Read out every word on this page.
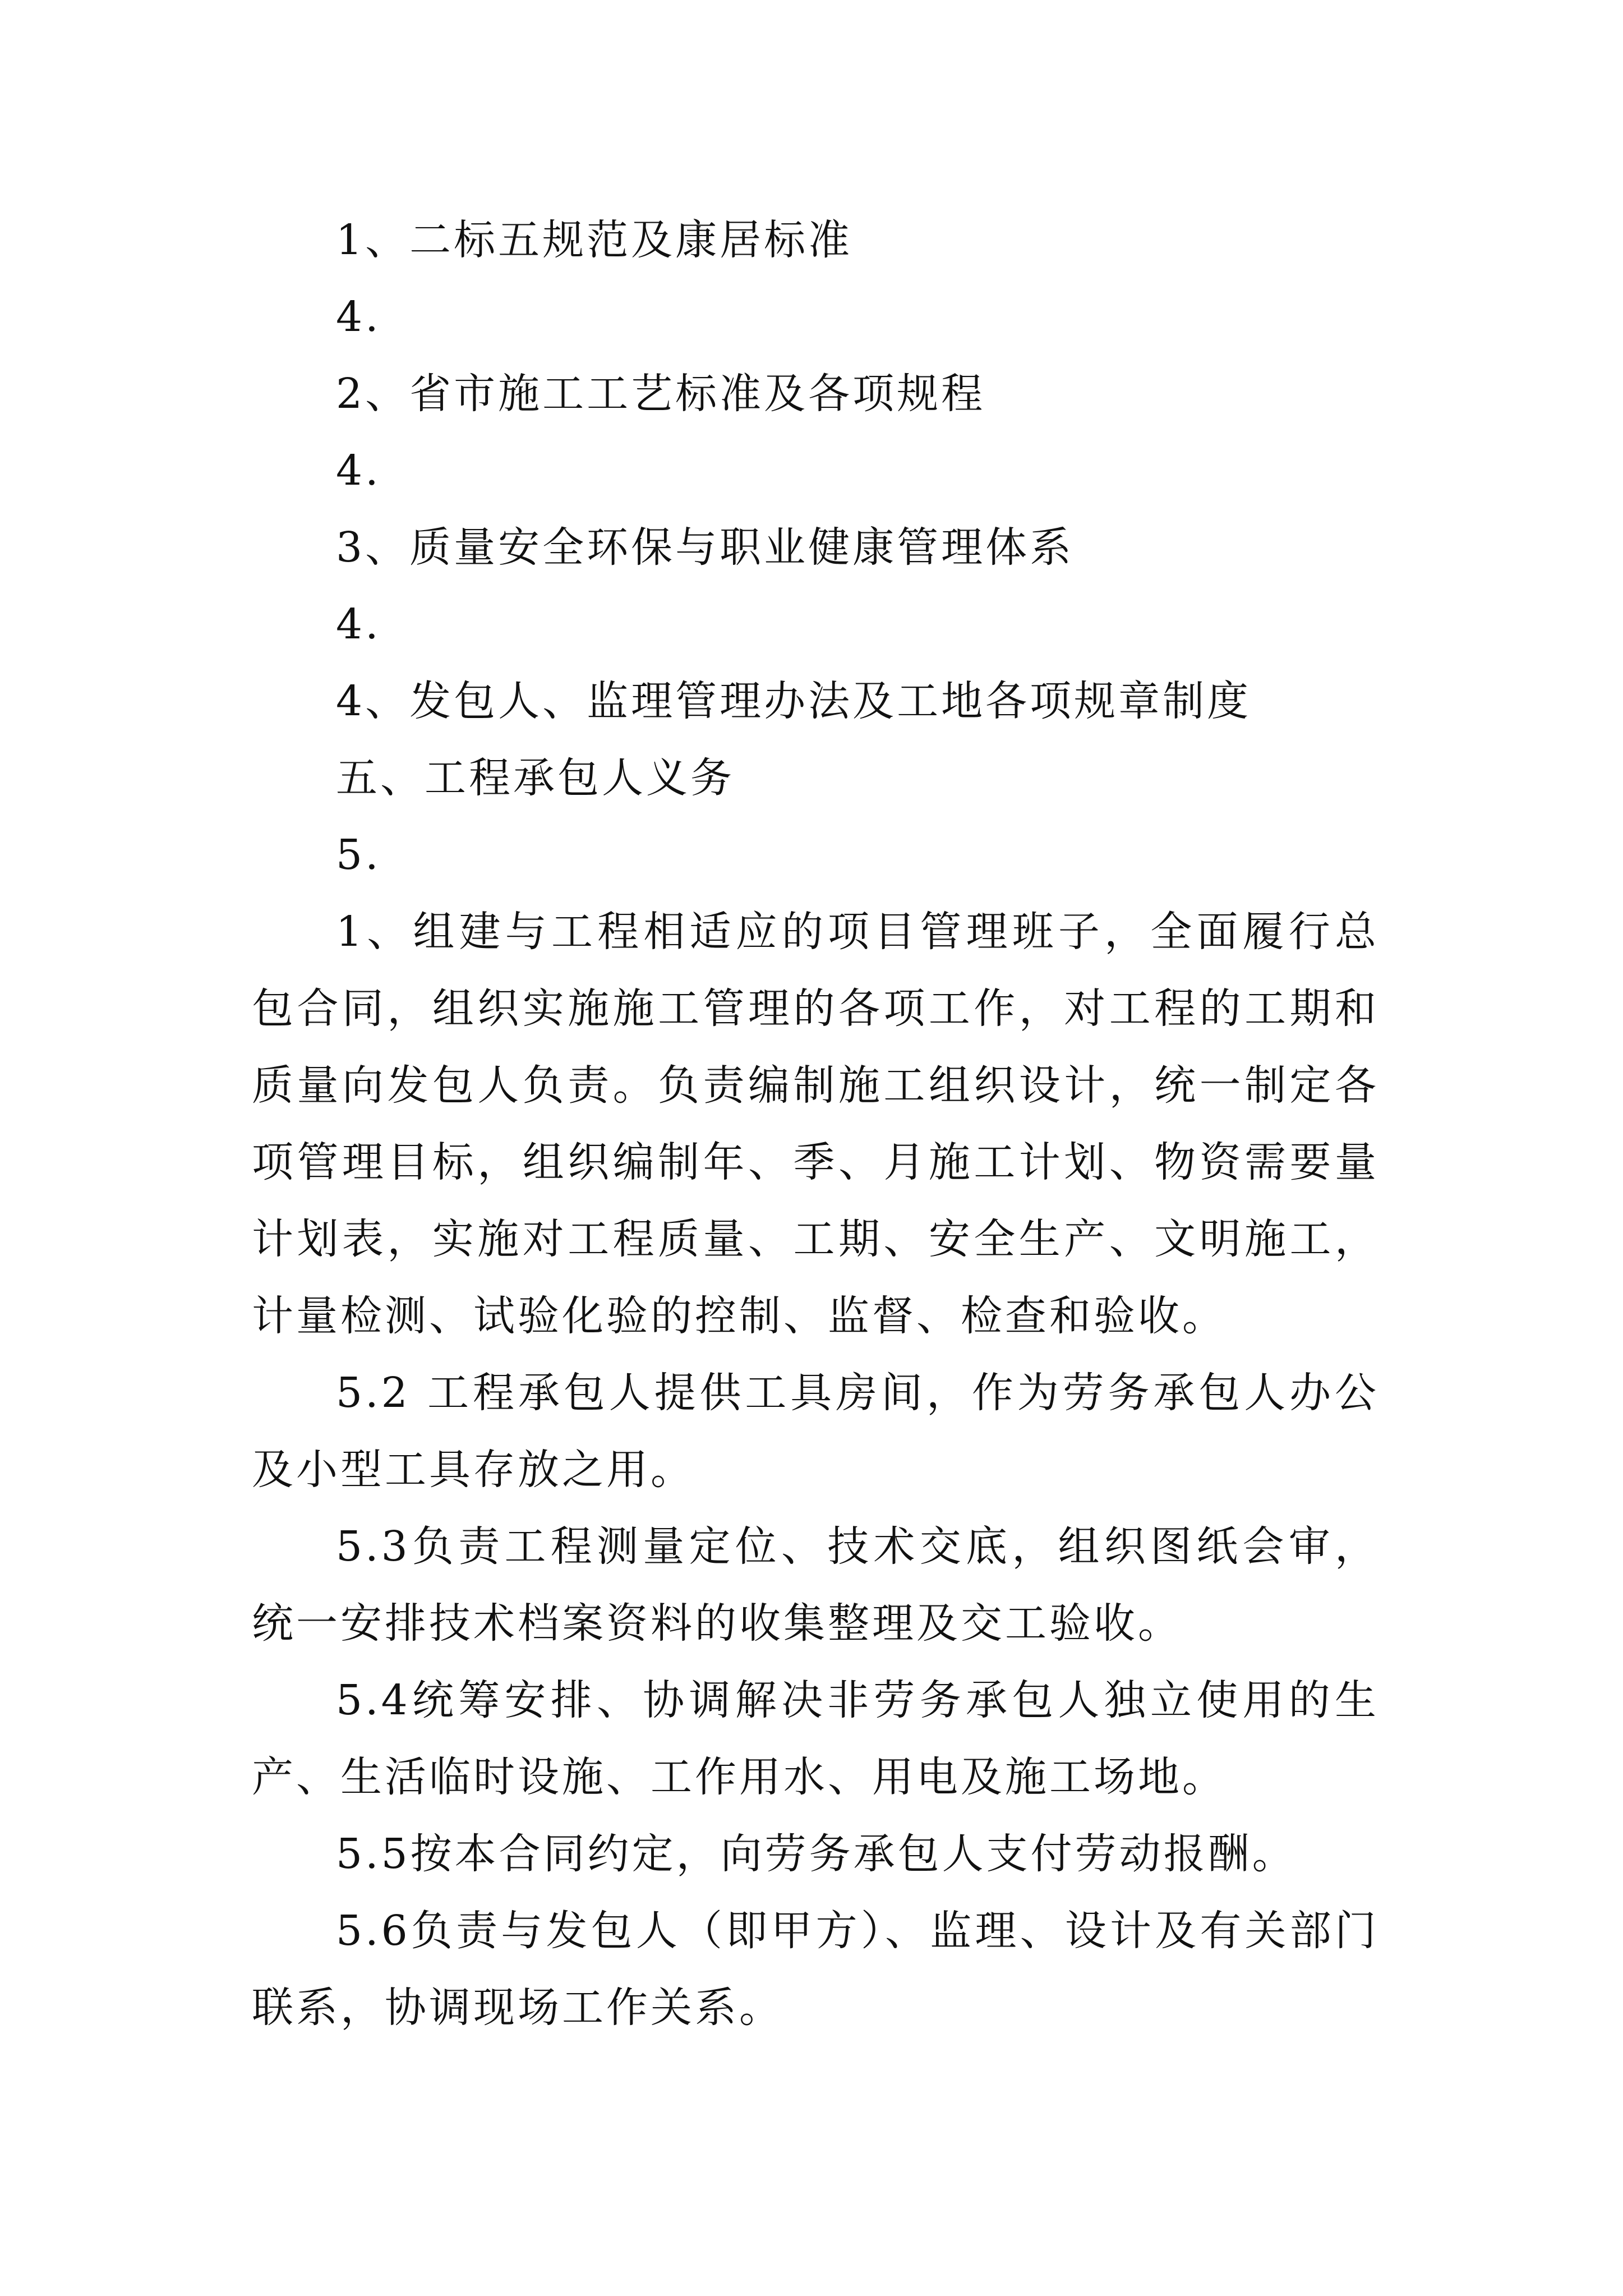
1、二标五规范及康居标准

4.

2、省市施工工艺标准及各项规程

4.

3、质量安全环保与职业健康管理体系

4.

4、发包人、监理管理办法及工地各项规章制度

五、工程承包人义务

5.

1、组建与工程相适应的项目管理班子，全面履行总包合同，组织实施施工管理的各项工作，对工程的工期和质量向发包人负责。负责编制施工组织设计，统一制定各项管理目标，组织编制年、季、月施工计划、物资需要量计划表，实施对工程质量、工期、安全生产、文明施工，计量检测、试验化验的控制、监督、检查和验收。

5.2 工程承包人提供工具房间，作为劳务承包人办公及小型工具存放之用。

5.3负责工程测量定位、技术交底，组织图纸会审，统一安排技术档案资料的收集整理及交工验收。

5.4统筹安排、协调解决非劳务承包人独立使用的生产、生活临时设施、工作用水、用电及施工场地。

5.5按本合同约定，向劳务承包人支付劳动报酬。

5.6负责与发包人（即甲方）、监理、设计及有关部门联系，协调现场工作关系。
